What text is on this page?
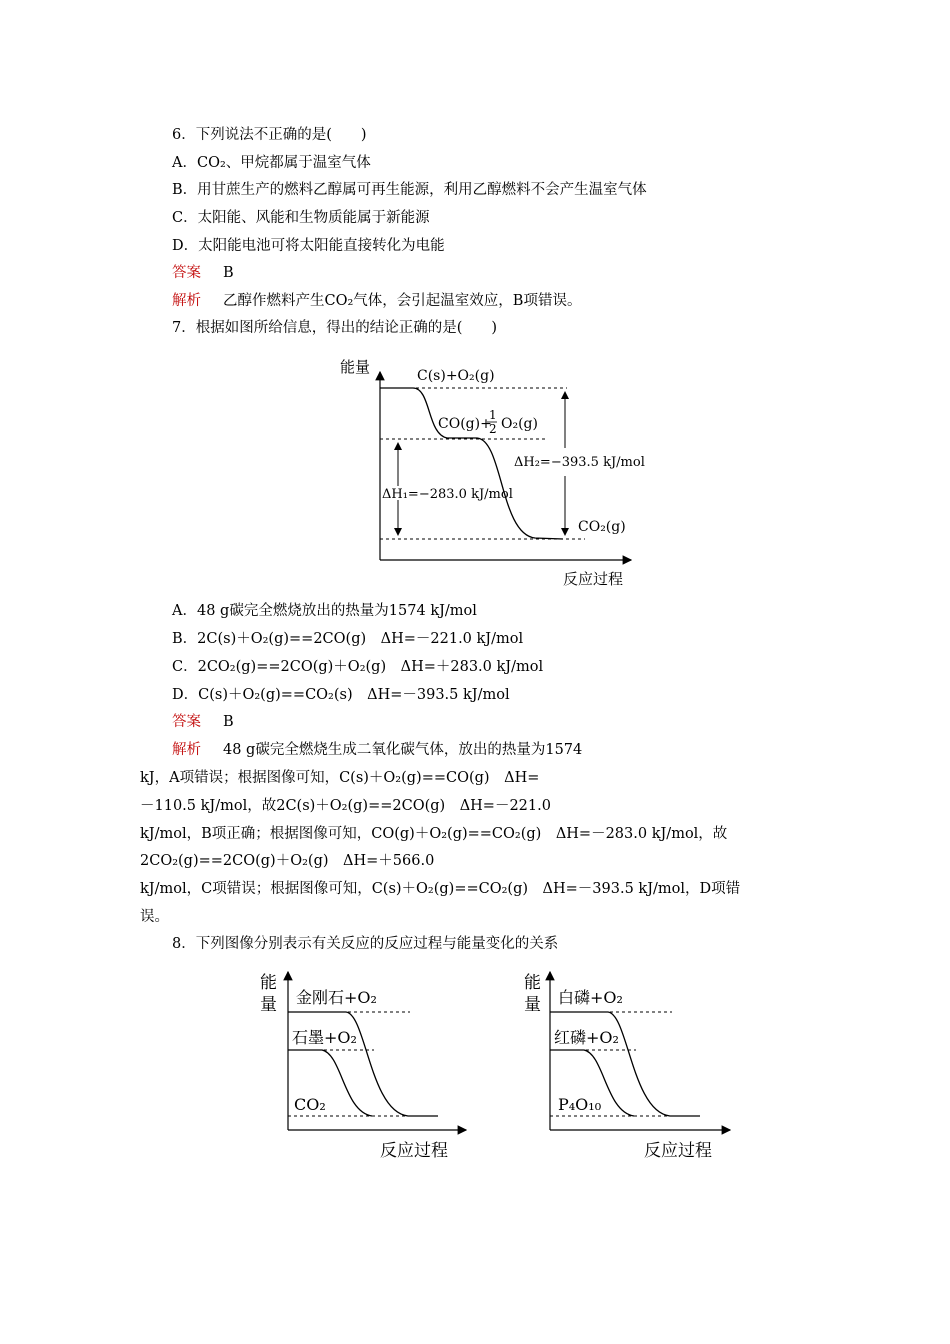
6．下列说法不正确的是(　　)
A．CO₂、甲烷都属于温室气体
B．用甘蔗生产的燃料乙醇属可再生能源，利用乙醇燃料不会产生温室气体
C．太阳能、风能和生物质能属于新能源
D．太阳能电池可将太阳能直接转化为电能
答案 B
解析 乙醇作燃料产生CO₂气体，会引起温室效应，B项错误。
7．根据如图所给信息，得出的结论正确的是(　　)
能量
反应过程
C(s)+O₂(g)
CO(g)+
1
2 O₂(g)
CO₂(g)
ΔH₁=−283.0 kJ/mol
ΔH₂=−393.5 kJ/mol
A．48 g碳完全燃烧放出的热量为1574 kJ/mol
B．2C(s)＋O₂(g)==2CO(g)　ΔH=－221.0 kJ/mol
C．2CO₂(g)==2CO(g)＋O₂(g)　ΔH=＋283.0 kJ/mol
D．C(s)＋O₂(g)==CO₂(s)　ΔH=－393.5 kJ/mol
答案 B
解析 48 g碳完全燃烧生成二氧化碳气体，放出的热量为1574
kJ，A项错误；根据图像可知，C(s)＋O₂(g)==CO(g)　ΔH=
－110.5 kJ/mol，故2C(s)＋O₂(g)==2CO(g)　ΔH=－221.0
kJ/mol，B项正确；根据图像可知，CO(g)＋O₂(g)==CO₂(g)　ΔH=－283.0 kJ/mol，故
2CO₂(g)==2CO(g)＋O₂(g)　ΔH=＋566.0
kJ/mol，C项错误；根据图像可知，C(s)＋O₂(g)==CO₂(g)　ΔH=－393.5 kJ/mol，D项错
误。
8．下列图像分别表示有关反应的反应过程与能量变化的关系
能
量 金刚石+O₂
石墨+O₂
CO₂
反应过程
能
量 白磷+O₂
红磷+O₂
P₄O₁₀
反应过程
